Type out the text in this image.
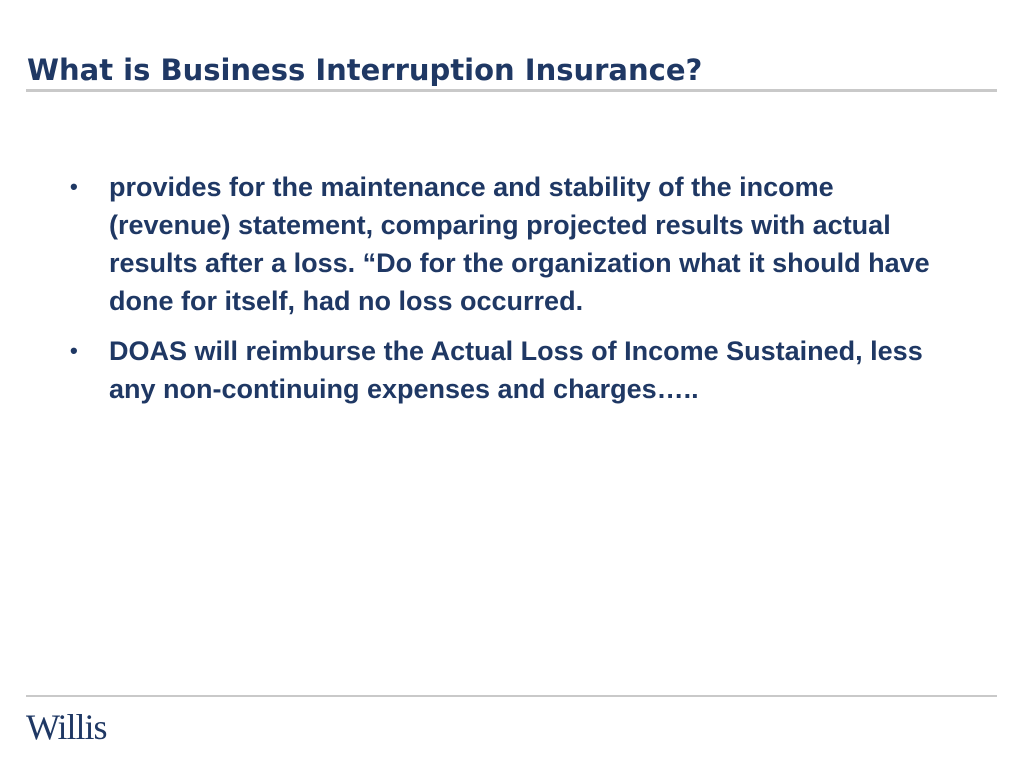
What is Business Interruption Insurance?
•	provides for the maintenance and stability of the income (revenue) statement, comparing projected results with actual results after a loss. “Do for the organization what it should have done for itself, had no loss occurred.
•	DOAS will reimburse the Actual Loss of Income Sustained, less any non-continuing expenses and charges…..
Willis
